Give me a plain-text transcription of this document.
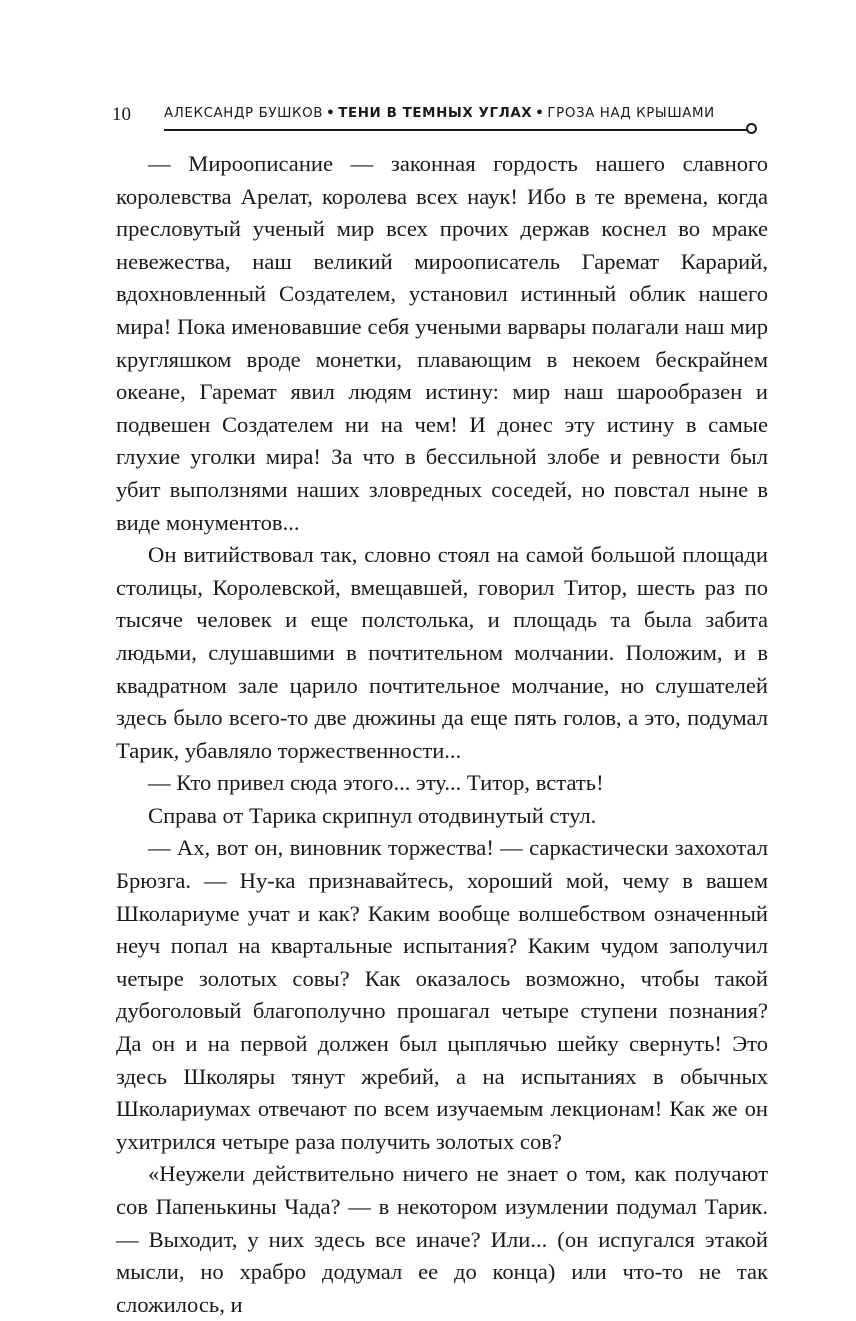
10 АЛЕКСАНДР БУШКОВ • ТЕНИ В ТЕМНЫХ УГЛАХ • ГРОЗА НАД КРЫШАМИ

— Мироописание — законная гордость нашего славного королевства Арелат, королева всех наук! Ибо в те времена, когда пресловутый ученый мир всех прочих держав коснел во мраке невежества, наш великий мироописатель Гаремат Караpий, вдохновленный Создателем, установил истинный облик нашего мира! Пока именовавшие себя учеными варвары полагали наш мир кругляшком вроде монетки, плавающим в некоем бескрайнем океане, Гаремат явил людям истину: мир наш шарообразен и подвешен Создателем ни на чем! И донес эту истину в самые глухие уголки мира! За что в бессильной злобе и ревности был убит выползнями наших зловредных соседей, но повстал ныне в виде монументов...

Он витийствовал так, словно стоял на самой большой площади столицы, Королевской, вмещавшей, говорил Титор, шесть раз по тысяче человек и еще полстолька, и площадь та была забита людьми, слушавшими в почтительном молчании. Положим, и в квадратном зале царило почтительное молчание, но слушателей здесь было всего-то две дюжины да еще пять голов, а это, подумал Тарик, убавляло торжественности...

— Кто привел сюда этого... эту... Титор, встать!

Справа от Тарика скрипнул отодвинутый стул.

— Ах, вот он, виновник торжества! — саркастически захохотал Брюзга. — Ну-ка признавайтесь, хороший мой, чему в вашем Школариуме учат и как? Каким вообще волшебством означенный неуч попал на квартальные испытания? Каким чудом заполучил четыре золотых совы? Как оказалось возможно, чтобы такой дубоголовый благополучно прошагал четыре ступени познания? Да он и на первой должен был цыплячью шейку свернуть! Это здесь Школяры тянут жребий, а на испытаниях в обычных Школариумах отвечают по всем изучаемым лекционам! Как же он ухитрился четыре раза получить золотых сов?

«Неужели действительно ничего не знает о том, как получают сов Папенькины Чада? — в некотором изумлении подумал Тарик. — Выходит, у них здесь все иначе? Или... (он испугался этакой мысли, но храбро додумал ее до конца) или что-то не так сложилось, и
